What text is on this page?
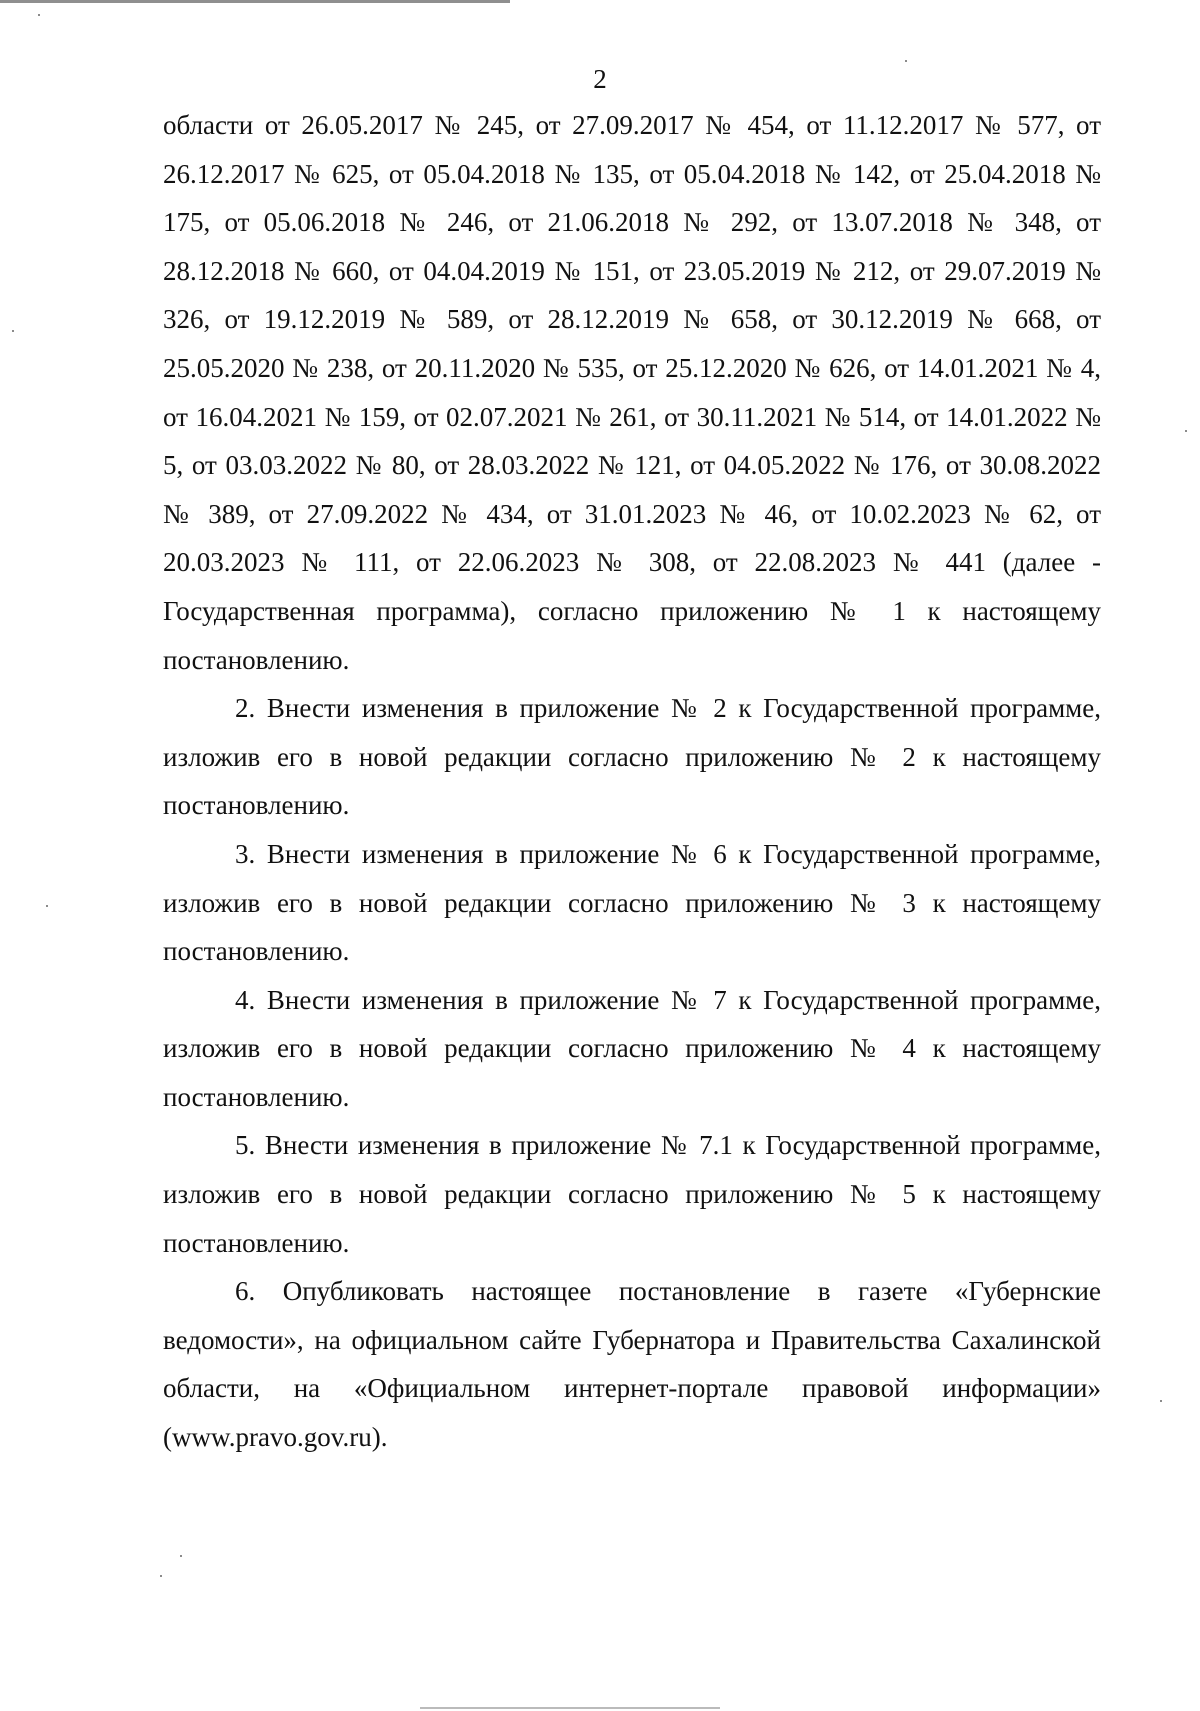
2

области от 26.05.2017 № 245, от 27.09.2017 № 454, от 11.12.2017 № 577, от 26.12.2017 № 625, от 05.04.2018 № 135, от 05.04.2018 № 142, от 25.04.2018 № 175, от 05.06.2018 № 246, от 21.06.2018 № 292, от 13.07.2018 № 348, от 28.12.2018 № 660, от 04.04.2019 № 151, от 23.05.2019 № 212, от 29.07.2019 № 326, от 19.12.2019 № 589, от 28.12.2019 № 658, от 30.12.2019 № 668, от 25.05.2020 № 238, от 20.11.2020 № 535, от 25.12.2020 № 626, от 14.01.2021 № 4, от 16.04.2021 № 159, от 02.07.2021 № 261, от 30.11.2021 № 514, от 14.01.2022 № 5, от 03.03.2022 № 80, от 28.03.2022 № 121, от 04.05.2022 № 176, от 30.08.2022 № 389, от 27.09.2022 № 434, от 31.01.2023 № 46, от 10.02.2023 № 62, от 20.03.2023 № 111, от 22.06.2023 № 308, от 22.08.2023 № 441 (далее - Государственная программа), согласно приложению № 1 к настоящему постановлению.

2. Внести изменения в приложение № 2 к Государственной программе, изложив его в новой редакции согласно приложению № 2 к настоящему постановлению.

3. Внести изменения в приложение № 6 к Государственной программе, изложив его в новой редакции согласно приложению № 3 к настоящему постановлению.

4. Внести изменения в приложение № 7 к Государственной программе, изложив его в новой редакции согласно приложению № 4 к настоящему постановлению.

5. Внести изменения в приложение № 7.1 к Государственной программе, изложив его в новой редакции согласно приложению № 5 к настоящему постановлению.

6. Опубликовать настоящее постановление в газете «Губернские ведомости», на официальном сайте Губернатора и Правительства Сахалинской области, на «Официальном интернет-портале правовой информации» (www.pravo.gov.ru).
